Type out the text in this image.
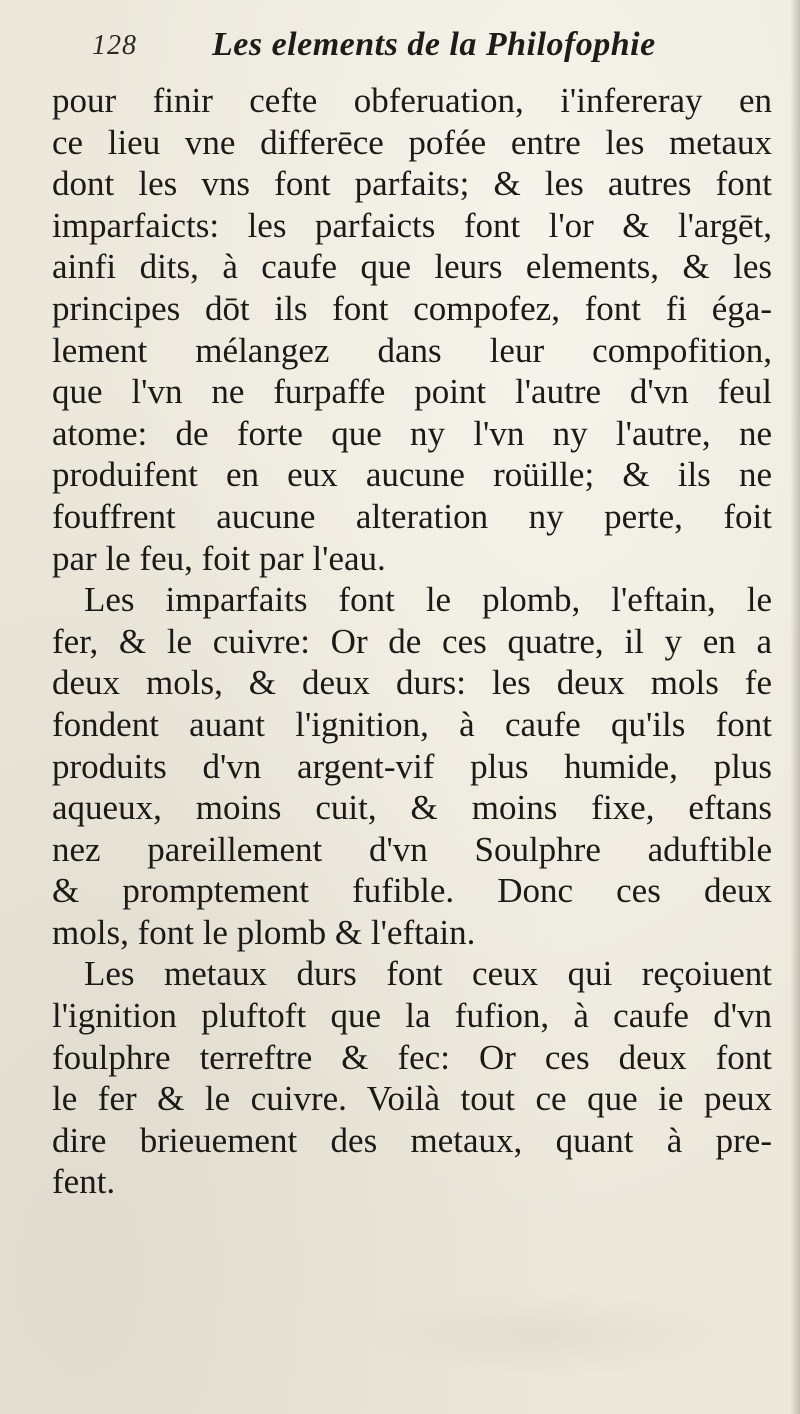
128 Les elements de la Philofophie
pour finir cefte obferuation, i'infereray en
ce lieu vne differēce pofée entre les metaux
dont les vns font parfaits; & les autres font
imparfaicts: les parfaicts font l'or & l'argēt,
ainfi dits, à caufe que leurs elements, & les
principes dōt ils font compofez, font fi éga-
lement mélangez dans leur compofition,
que l'vn ne furpaffe point l'autre d'vn feul
atome: de forte que ny l'vn ny l'autre, ne
produifent en eux aucune roüille; & ils ne
fouffrent aucune alteration ny perte, foit
par le feu, foit par l'eau.
Les imparfaits font le plomb, l'eftain, le
fer, & le cuivre: Or de ces quatre, il y en a
deux mols, & deux durs: les deux mols fe
fondent auant l'ignition, à caufe qu'ils font
produits d'vn argent-vif plus humide, plus
aqueux, moins cuit, & moins fixe, eftans
nez pareillement d'vn Soulphre aduftible
& promptement fufible. Donc ces deux
mols, font le plomb & l'eftain.
Les metaux durs font ceux qui reçoiuent
l'ignition pluftoft que la fufion, à caufe d'vn
foulphre terreftre & fec: Or ces deux font
le fer & le cuivre. Voilà tout ce que ie peux
dire brieuement des metaux, quant à pre-
fent.
